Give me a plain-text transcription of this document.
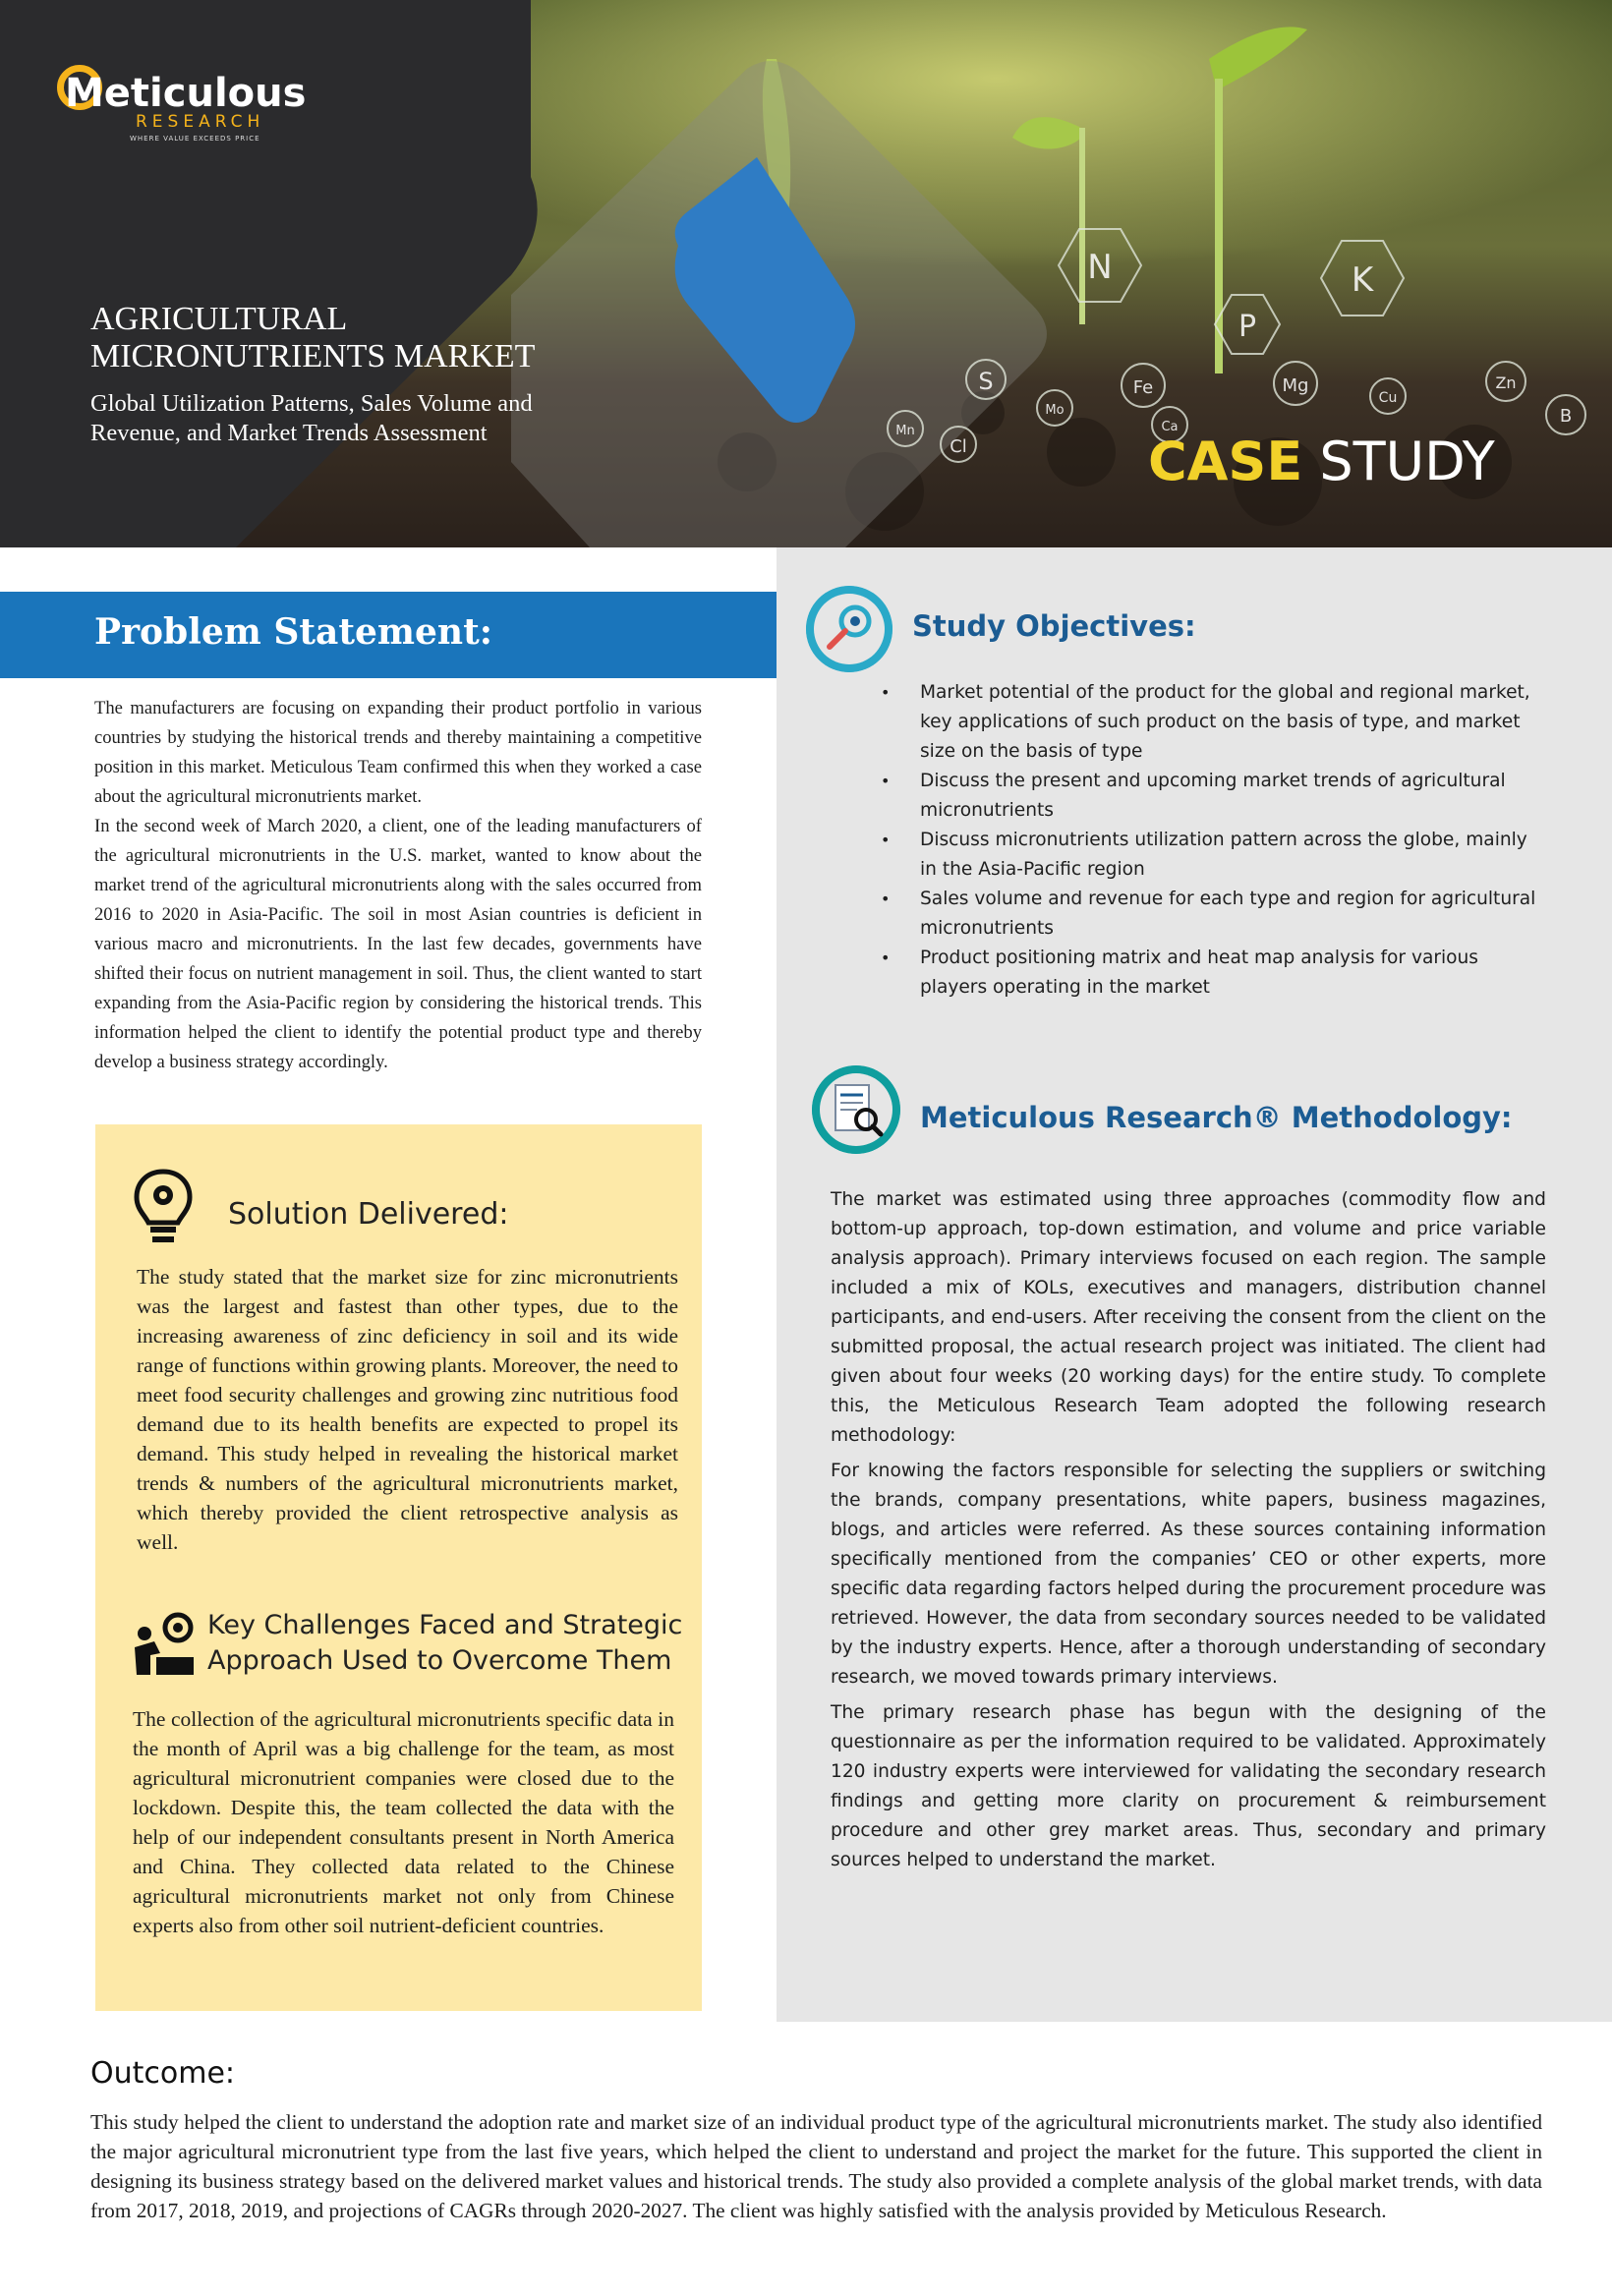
N
P
K
S	Fe	Mg
Mo
Mn
Cl
Ca
Cu
Zn
B
Meticulous
RESEARCH
WHERE VALUE EXCEEDS PRICE
AGRICULTURAL
MICRONUTRIENTS MARKET
Global Utilization Patterns, Sales Volume and Revenue, and Market Trends Assessment	CASE STUDY
Problem Statement:

The manufacturers are focusing on expanding their product portfolio in various countries by studying the historical trends and thereby maintaining a competitive position in this market. Meticulous Team confirmed this when they worked a case about the agricultural micronutrients market.

In the second week of March 2020, a client, one of the leading manufacturers of the agricultural micronutrients in the U.S. market, wanted to know about the market trend of the agricultural micronutrients along with the sales occurred from 2016 to 2020 in Asia-Pacific. The soil in most Asian countries is deficient in various macro and micronutrients. In the last few decades, governments have shifted their focus on nutrient management in soil. Thus, the client wanted to start expanding from the Asia-Pacific region by considering the historical trends. This information helped the client to identify the potential product type and thereby develop a business strategy accordingly.

Solution Delivered:
The study stated that the market size for zinc micronutrients was the largest and fastest than other types, due to the increasing awareness of zinc deficiency in soil and its wide range of functions within growing plants. Moreover, the need to meet food security challenges and growing zinc nutritious food demand due to its health benefits are expected to propel its demand. This study helped in revealing the historical market trends & numbers of the agricultural micronutrients market, which thereby provided the client retrospective analysis as well.
Key Challenges Faced and Strategic
Approach Used to Overcome Them
The collection of the agricultural micronutrients specific data in the month of April was a big challenge for the team, as most agricultural micronutrient companies were closed due to the lockdown. Despite this, the team collected the data with the help of our independent consultants present in North America and China. They collected data related to the Chinese agricultural micronutrients market not only from Chinese experts also from other soil nutrient-deficient countries.
Study Objectives:
• Market potential of the product for the global and regional market, key applications of such product on the basis of type, and market size on the basis of type
• Discuss the present and upcoming market trends of agricultural micronutrients
• Discuss micronutrients utilization pattern across the globe, mainly in the Asia-Pacific region
• Sales volume and revenue for each type and region for agricultural micronutrients
• Product positioning matrix and heat map analysis for various players operating in the market
Meticulous Research® Methodology:

The market was estimated using three approaches (commodity flow and bottom-up approach, top-down estimation, and volume and price variable analysis approach). Primary interviews focused on each region. The sample included a mix of KOLs, executives and managers, distribution channel participants, and end-users. After receiving the consent from the client on the submitted proposal, the actual research project was initiated. The client had given about four weeks (20 working days) for the entire study. To complete this, the Meticulous Research Team adopted the following research methodology:

For knowing the factors responsible for selecting the suppliers or switching the brands, company presentations, white papers, business magazines, blogs, and articles were referred. As these sources containing information specifically mentioned from the companies’ CEO or other experts, more specific data regarding factors helped during the procurement procedure was retrieved. However, the data from secondary sources needed to be validated by the industry experts. Hence, after a thorough understanding of secondary research, we moved towards primary interviews.

The primary research phase has begun with the designing of the questionnaire as per the information required to be validated. Approximately 120 industry experts were interviewed for validating the secondary research findings and getting more clarity on procurement & reimbursement procedure and other grey market areas. Thus, secondary and primary sources helped to understand the market.

Outcome:
This study helped the client to understand the adoption rate and market size of an individual product type of the agricultural micronutrients market. The study also identified the major agricultural micronutrient type from the last five years, which helped the client to understand and project the market for the future. This supported the client in designing its business strategy based on the delivered market values and historical trends. The study also provided a complete analysis of the global market trends, with data from 2017, 2018, 2019, and projections of CAGRs through 2020-2027. The client was highly satisfied with the analysis provided by Meticulous Research.
